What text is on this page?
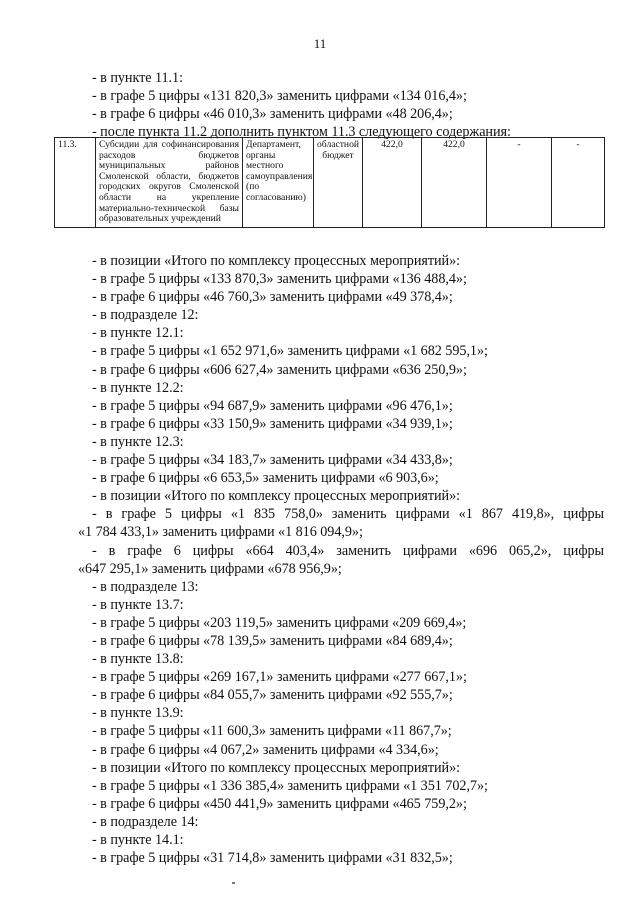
11
- в пункте 11.1:
- в графе 5 цифры «131 820,3» заменить цифрами «134 016,4»;
- в графе 6 цифры «46 010,3» заменить цифрами «48 206,4»;
- после пункта 11.2 дополнить пунктом 11.3 следующего содержания:
11.3.	Субсидии для софинансирования расходов бюджетов муниципальных районов Смоленской области, бюджетов городских округов Смоленской области на укрепление материально-технической базы образовательных учреждений	Департамент, органы местного самоуправления (по согласованию)	областной бюджет	422,0	422,0	-	-
- в позиции «Итого по комплексу процессных мероприятий»:
- в графе 5 цифры «133 870,3» заменить цифрами «136 488,4»;
- в графе 6 цифры «46 760,3» заменить цифрами «49 378,4»;
- в подразделе 12:
- в пункте 12.1:
- в графе 5 цифры «1 652 971,6» заменить цифрами «1 682 595,1»;
- в графе 6 цифры «606 627,4» заменить цифрами «636 250,9»;
- в пункте 12.2:
- в графе 5 цифры «94 687,9» заменить цифрами «96 476,1»;
- в графе 6 цифры «33 150,9» заменить цифрами «34 939,1»;
- в пункте 12.3:
- в графе 5 цифры «34 183,7» заменить цифрами «34 433,8»;
- в графе 6 цифры «6 653,5» заменить цифрами «6 903,6»;
- в позиции «Итого по комплексу процессных мероприятий»:
- в графе 5 цифры «1 835 758,0» заменить цифрами «1 867 419,8», цифры
«1 784 433,1» заменить цифрами «1 816 094,9»;
- в графе 6 цифры «664 403,4» заменить цифрами «696 065,2», цифры
«647 295,1» заменить цифрами «678 956,9»;
- в подразделе 13:
- в пункте 13.7:
- в графе 5 цифры «203 119,5» заменить цифрами «209 669,4»;
- в графе 6 цифры «78 139,5» заменить цифрами «84 689,4»;
- в пункте 13.8:
- в графе 5 цифры «269 167,1» заменить цифрами «277 667,1»;
- в графе 6 цифры «84 055,7» заменить цифрами «92 555,7»;
- в пункте 13.9:
- в графе 5 цифры «11 600,3» заменить цифрами «11 867,7»;
- в графе 6 цифры «4 067,2» заменить цифрами «4 334,6»;
- в позиции «Итого по комплексу процессных мероприятий»:
- в графе 5 цифры «1 336 385,4» заменить цифрами «1 351 702,7»;
- в графе 6 цифры «450 441,9» заменить цифрами «465 759,2»;
- в подразделе 14:
- в пункте 14.1:
- в графе 5 цифры «31 714,8» заменить цифрами «31 832,5»;
